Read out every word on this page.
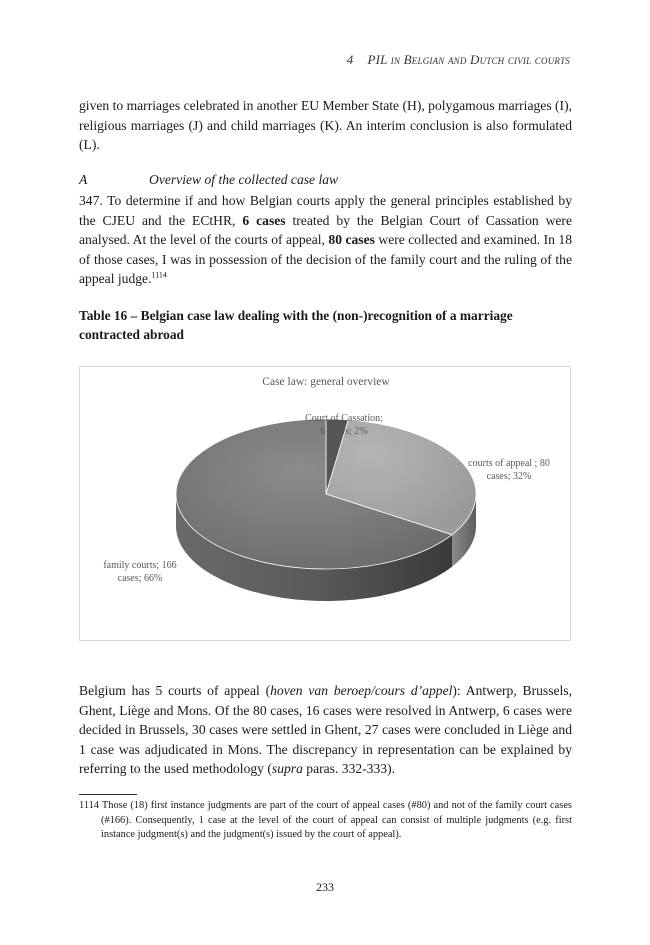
4 PIL in Belgian and Dutch civil courts

given to marriages celebrated in another EU Member State (H), polygamous marriages (I), religious marriages (J) and child marriages (K). An interim conclusion is also formulated (L).

A	Overview of the collected case law

347. To determine if and how Belgian courts apply the general principles established by the CJEU and the ECtHR, 6 cases treated by the Belgian Court of Cassation were analysed. At the level of the courts of appeal, 80 cases were collected and examined. In 18 of those cases, I was in possession of the decision of the family court and the ruling of the appeal judge.$^{1114}$

Table 16 – Belgian case law dealing with the (non-)recognition of a marriage contracted abroad

Case law: general overview
Court of Cassation; 6 cases; 2%
courts of appeal ; 80 cases; 32%
family courts; 166 cases; 66%

Belgium has 5 courts of appeal (hoven van beroep/cours d’appel): Antwerp, Brussels, Ghent, Liège and Mons. Of the 80 cases, 16 cases were resolved in Antwerp, 6 cases were decided in Brussels, 30 cases were settled in Ghent, 27 cases were concluded in Liège and 1 case was adjudicated in Mons. The discrepancy in representation can be explained by referring to the used methodology (supra paras. 332-333).

1114 Those (18) first instance judgments are part of the court of appeal cases (#80) and not of the family court cases (#166). Consequently, 1 case at the level of the court of appeal can consist of multiple judgments (e.g. first instance judgment(s) and the judgment(s) issued by the court of appeal).

233
